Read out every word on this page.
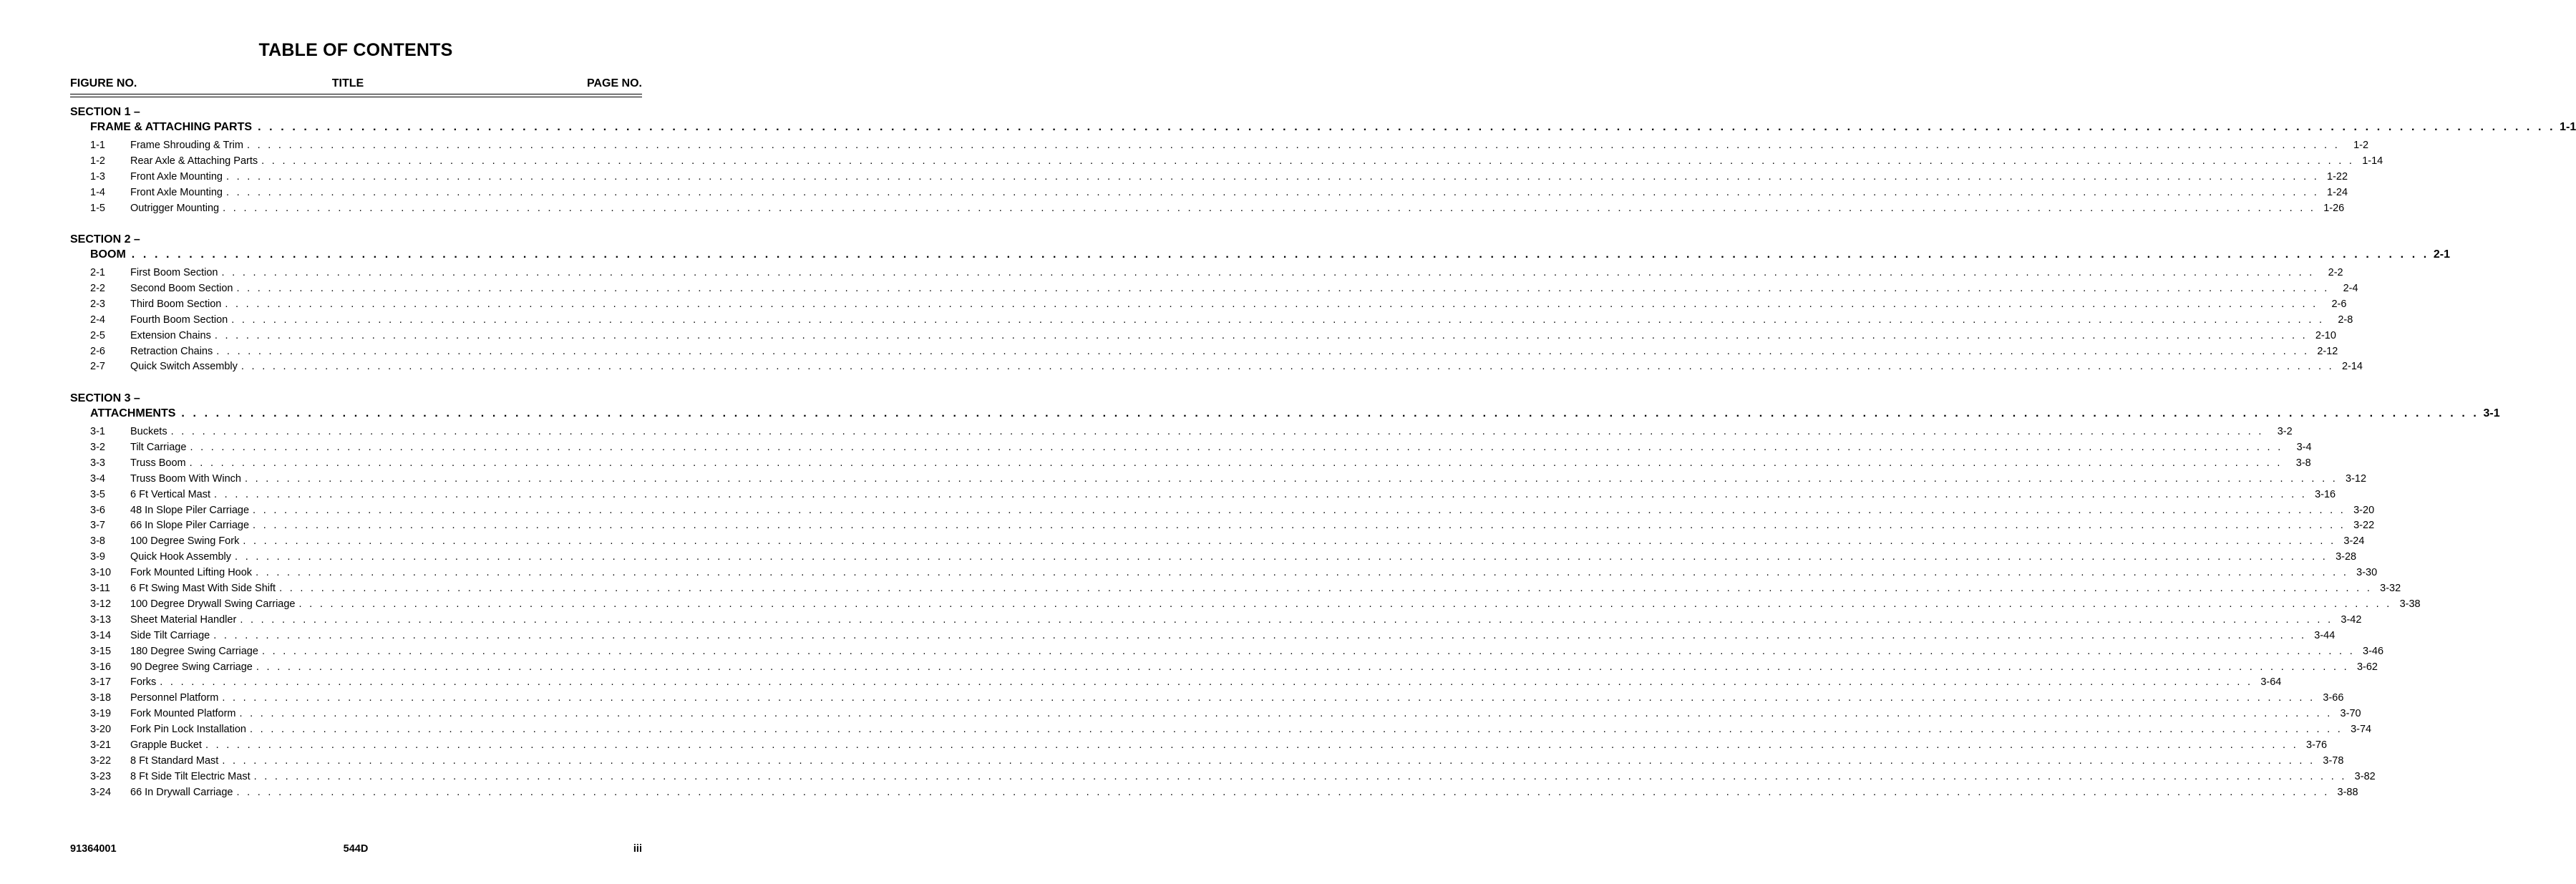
TABLE OF CONTENTS
FIGURE NO.	TITLE	PAGE NO.
SECTION 1 –
FRAME & ATTACHING PARTS . . . . . . . . . . . . . . . . . . . . . . . . . . . . . . . . . . . . . . . . . . . . . . . . . . . . . . . . . . . . . . . . . . . . . . . . . . . . . . . . . . . . . . . . . . . . . . . . . . . . . . . . . . . . . . . . . . . . . . . . . . . . . . . . . . . . . . . . . . . . . . . . . . . . . . . . . . . . . . . . . . . . . . . . . . . . . . . . . . . . . . . . . . . . . . . . . . . . . . . . 1-1
1-1	Frame Shrouding & Trim . . . . . . . . . . . . . . . . . . . . . . . . . . . . . . . . . . . . . . . . . . . . . . . . . . . . . . . . . . . . . . . . . . . . . . . . . . . . . . . . . . . . . . . . . . . . . . . . . . . . . . . . . . . . . . . . . . . . . . . . . . . . . . . . . . . . . . . . . . . . . . . . . . . . . . . . . . . . . . . . . . . . . . . . . . . . . . . . . . . . . . . . . . . . . . . . . . . . . . . .	1-2
1-2	Rear Axle & Attaching Parts . . . . . . . . . . . . . . . . . . . . . . . . . . . . . . . . . . . . . . . . . . . . . . . . . . . . . . . . . . . . . . . . . . . . . . . . . . . . . . . . . . . . . . . . . . . . . . . . . . . . . . . . . . . . . . . . . . . . . . . . . . . . . . . . . . . . . . . . . . . . . . . . . . . . . . . . . . . . . . . . . . . . . . . . . . . . . . . . . . . . . . . . . . . . . . . . . . . . . . . . 1-14
1-3	Front Axle Mounting . . . . . . . . . . . . . . . . . . . . . . . . . . . . . . . . . . . . . . . . . . . . . . . . . . . . . . . . . . . . . . . . . . . . . . . . . . . . . . . . . . . . . . . . . . . . . . . . . . . . . . . . . . . . . . . . . . . . . . . . . . . . . . . . . . . . . . . . . . . . . . . . . . . . . . . . . . . . . . . . . . . . . . . . . . . . . . . . . . . . . . . . . . . . . . . . . . . . . . . . 1-22
1-4	Front Axle Mounting . . . . . . . . . . . . . . . . . . . . . . . . . . . . . . . . . . . . . . . . . . . . . . . . . . . . . . . . . . . . . . . . . . . . . . . . . . . . . . . . . . . . . . . . . . . . . . . . . . . . . . . . . . . . . . . . . . . . . . . . . . . . . . . . . . . . . . . . . . . . . . . . . . . . . . . . . . . . . . . . . . . . . . . . . . . . . . . . . . . . . . . . . . . . . . . . . . . . . . . . 1-24
1-5	Outrigger Mounting . . . . . . . . . . . . . . . . . . . . . . . . . . . . . . . . . . . . . . . . . . . . . . . . . . . . . . . . . . . . . . . . . . . . . . . . . . . . . . . . . . . . . . . . . . . . . . . . . . . . . . . . . . . . . . . . . . . . . . . . . . . . . . . . . . . . . . . . . . . . . . . . . . . . . . . . . . . . . . . . . . . . . . . . . . . . . . . . . . . . . . . . . . . . . . . . . . . . . . . . 1-26
SECTION 2 –
BOOM . . . . . . . . . . . . . . . . . . . . . . . . . . . . . . . . . . . . . . . . . . . . . . . . . . . . . . . . . . . . . . . . . . . . . . . . . . . . . . . . . . . . . . . . . . . . . . . . . . . . . . . . . . . . . . . . . . . . . . . . . . . . . . . . . . . . . . . . . . . . . . . . . . . . . . . . . . . . . . . . . . . . . . . . . . . . . . . . . . . . . . . . . . . . . . . . . . . . . . . . 2-1
2-1	First Boom Section . . . . . . . . . . . . . . . . . . . . . . . . . . . . . . . . . . . . . . . . . . . . . . . . . . . . . . . . . . . . . . . . . . . . . . . . . . . . . . . . . . . . . . . . . . . . . . . . . . . . . . . . . . . . . . . . . . . . . . . . . . . . . . . . . . . . . . . . . . . . . . . . . . . . . . . . . . . . . . . . . . . . . . . . . . . . . . . . . . . . . . . . . . . . . . . . . . . . . . . .	2-2
2-2	Second Boom Section . . . . . . . . . . . . . . . . . . . . . . . . . . . . . . . . . . . . . . . . . . . . . . . . . . . . . . . . . . . . . . . . . . . . . . . . . . . . . . . . . . . . . . . . . . . . . . . . . . . . . . . . . . . . . . . . . . . . . . . . . . . . . . . . . . . . . . . . . . . . . . . . . . . . . . . . . . . . . . . . . . . . . . . . . . . . . . . . . . . . . . . . . . . . . . . . . . . . . . . .	2-4
2-3	Third Boom Section . . . . . . . . . . . . . . . . . . . . . . . . . . . . . . . . . . . . . . . . . . . . . . . . . . . . . . . . . . . . . . . . . . . . . . . . . . . . . . . . . . . . . . . . . . . . . . . . . . . . . . . . . . . . . . . . . . . . . . . . . . . . . . . . . . . . . . . . . . . . . . . . . . . . . . . . . . . . . . . . . . . . . . . . . . . . . . . . . . . . . . . . . . . . . . . . . . . . . . . .	2-6
2-4	Fourth Boom Section . . . . . . . . . . . . . . . . . . . . . . . . . . . . . . . . . . . . . . . . . . . . . . . . . . . . . . . . . . . . . . . . . . . . . . . . . . . . . . . . . . . . . . . . . . . . . . . . . . . . . . . . . . . . . . . . . . . . . . . . . . . . . . . . . . . . . . . . . . . . . . . . . . . . . . . . . . . . . . . . . . . . . . . . . . . . . . . . . . . . . . . . . . . . . . . . . . . . . . . .	2-8
2-5	Extension Chains . . . . . . . . . . . . . . . . . . . . . . . . . . . . . . . . . . . . . . . . . . . . . . . . . . . . . . . . . . . . . . . . . . . . . . . . . . . . . . . . . . . . . . . . . . . . . . . . . . . . . . . . . . . . . . . . . . . . . . . . . . . . . . . . . . . . . . . . . . . . . . . . . . . . . . . . . . . . . . . . . . . . . . . . . . . . . . . . . . . . . . . . . . . . . . . . . . . . . . . . 2-10
2-6	Retraction Chains . . . . . . . . . . . . . . . . . . . . . . . . . . . . . . . . . . . . . . . . . . . . . . . . . . . . . . . . . . . . . . . . . . . . . . . . . . . . . . . . . . . . . . . . . . . . . . . . . . . . . . . . . . . . . . . . . . . . . . . . . . . . . . . . . . . . . . . . . . . . . . . . . . . . . . . . . . . . . . . . . . . . . . . . . . . . . . . . . . . . . . . . . . . . . . . . . . . . . . . . 2-12
2-7	Quick Switch Assembly . . . . . . . . . . . . . . . . . . . . . . . . . . . . . . . . . . . . . . . . . . . . . . . . . . . . . . . . . . . . . . . . . . . . . . . . . . . . . . . . . . . . . . . . . . . . . . . . . . . . . . . . . . . . . . . . . . . . . . . . . . . . . . . . . . . . . . . . . . . . . . . . . . . . . . . . . . . . . . . . . . . . . . . . . . . . . . . . . . . . . . . . . . . . . . . . . . . . . . . . 2-14
SECTION 3 –
ATTACHMENTS . . . . . . . . . . . . . . . . . . . . . . . . . . . . . . . . . . . . . . . . . . . . . . . . . . . . . . . . . . . . . . . . . . . . . . . . . . . . . . . . . . . . . . . . . . . . . . . . . . . . . . . . . . . . . . . . . . . . . . . . . . . . . . . . . . . . . . . . . . . . . . . . . . . . . . . . . . . . . . . . . . . . . . . . . . . . . . . . . . . . . . . . . . . . . . . . . . . . . . . . 3-1
3-1	Buckets . . . . . . . . . . . . . . . . . . . . . . . . . . . . . . . . . . . . . . . . . . . . . . . . . . . . . . . . . . . . . . . . . . . . . . . . . . . . . . . . . . . . . . . . . . . . . . . . . . . . . . . . . . . . . . . . . . . . . . . . . . . . . . . . . . . . . . . . . . . . . . . . . . . . . . . . . . . . . . . . . . . . . . . . . . . . . . . . . . . . . . . . . . . . . . . . . . . . . . . .	3-2
3-2	Tilt Carriage . . . . . . . . . . . . . . . . . . . . . . . . . . . . . . . . . . . . . . . . . . . . . . . . . . . . . . . . . . . . . . . . . . . . . . . . . . . . . . . . . . . . . . . . . . . . . . . . . . . . . . . . . . . . . . . . . . . . . . . . . . . . . . . . . . . . . . . . . . . . . . . . . . . . . . . . . . . . . . . . . . . . . . . . . . . . . . . . . . . . . . . . . . . . . . . . . . . . . . . .	3-4
3-3	Truss Boom . . . . . . . . . . . . . . . . . . . . . . . . . . . . . . . . . . . . . . . . . . . . . . . . . . . . . . . . . . . . . . . . . . . . . . . . . . . . . . . . . . . . . . . . . . . . . . . . . . . . . . . . . . . . . . . . . . . . . . . . . . . . . . . . . . . . . . . . . . . . . . . . . . . . . . . . . . . . . . . . . . . . . . . . . . . . . . . . . . . . . . . . . . . . . . . . . . . . . . . .	3-8
3-4	Truss Boom With Winch . . . . . . . . . . . . . . . . . . . . . . . . . . . . . . . . . . . . . . . . . . . . . . . . . . . . . . . . . . . . . . . . . . . . . . . . . . . . . . . . . . . . . . . . . . . . . . . . . . . . . . . . . . . . . . . . . . . . . . . . . . . . . . . . . . . . . . . . . . . . . . . . . . . . . . . . . . . . . . . . . . . . . . . . . . . . . . . . . . . . . . . . . . . . . . . . . . . . . . . . 3-12
3-5	6 Ft Vertical Mast . . . . . . . . . . . . . . . . . . . . . . . . . . . . . . . . . . . . . . . . . . . . . . . . . . . . . . . . . . . . . . . . . . . . . . . . . . . . . . . . . . . . . . . . . . . . . . . . . . . . . . . . . . . . . . . . . . . . . . . . . . . . . . . . . . . . . . . . . . . . . . . . . . . . . . . . . . . . . . . . . . . . . . . . . . . . . . . . . . . . . . . . . . . . . . . . . . . . . . . . 3-16
3-6	48 In Slope Piler Carriage . . . . . . . . . . . . . . . . . . . . . . . . . . . . . . . . . . . . . . . . . . . . . . . . . . . . . . . . . . . . . . . . . . . . . . . . . . . . . . . . . . . . . . . . . . . . . . . . . . . . . . . . . . . . . . . . . . . . . . . . . . . . . . . . . . . . . . . . . . . . . . . . . . . . . . . . . . . . . . . . . . . . . . . . . . . . . . . . . . . . . . . . . . . . . . . . . . . . . . . . 3-20
3-7	66 In Slope Piler Carriage . . . . . . . . . . . . . . . . . . . . . . . . . . . . . . . . . . . . . . . . . . . . . . . . . . . . . . . . . . . . . . . . . . . . . . . . . . . . . . . . . . . . . . . . . . . . . . . . . . . . . . . . . . . . . . . . . . . . . . . . . . . . . . . . . . . . . . . . . . . . . . . . . . . . . . . . . . . . . . . . . . . . . . . . . . . . . . . . . . . . . . . . . . . . . . . . . . . . . . . . 3-22
3-8	100 Degree Swing Fork . . . . . . . . . . . . . . . . . . . . . . . . . . . . . . . . . . . . . . . . . . . . . . . . . . . . . . . . . . . . . . . . . . . . . . . . . . . . . . . . . . . . . . . . . . . . . . . . . . . . . . . . . . . . . . . . . . . . . . . . . . . . . . . . . . . . . . . . . . . . . . . . . . . . . . . . . . . . . . . . . . . . . . . . . . . . . . . . . . . . . . . . . . . . . . . . . . . . . . . . 3-24
3-9	Quick Hook Assembly . . . . . . . . . . . . . . . . . . . . . . . . . . . . . . . . . . . . . . . . . . . . . . . . . . . . . . . . . . . . . . . . . . . . . . . . . . . . . . . . . . . . . . . . . . . . . . . . . . . . . . . . . . . . . . . . . . . . . . . . . . . . . . . . . . . . . . . . . . . . . . . . . . . . . . . . . . . . . . . . . . . . . . . . . . . . . . . . . . . . . . . . . . . . . . . . . . . . . . . . 3-28
3-10	Fork Mounted Lifting Hook . . . . . . . . . . . . . . . . . . . . . . . . . . . . . . . . . . . . . . . . . . . . . . . . . . . . . . . . . . . . . . . . . . . . . . . . . . . . . . . . . . . . . . . . . . . . . . . . . . . . . . . . . . . . . . . . . . . . . . . . . . . . . . . . . . . . . . . . . . . . . . . . . . . . . . . . . . . . . . . . . . . . . . . . . . . . . . . . . . . . . . . . . . . . . . . . . . . . . . . . 3-30
3-11	6 Ft Swing Mast With Side Shift . . . . . . . . . . . . . . . . . . . . . . . . . . . . . . . . . . . . . . . . . . . . . . . . . . . . . . . . . . . . . . . . . . . . . . . . . . . . . . . . . . . . . . . . . . . . . . . . . . . . . . . . . . . . . . . . . . . . . . . . . . . . . . . . . . . . . . . . . . . . . . . . . . . . . . . . . . . . . . . . . . . . . . . . . . . . . . . . . . . . . . . . . . . . . . . . . . . . . . . . 3-32
3-12	100 Degree Drywall Swing Carriage . . . . . . . . . . . . . . . . . . . . . . . . . . . . . . . . . . . . . . . . . . . . . . . . . . . . . . . . . . . . . . . . . . . . . . . . . . . . . . . . . . . . . . . . . . . . . . . . . . . . . . . . . . . . . . . . . . . . . . . . . . . . . . . . . . . . . . . . . . . . . . . . . . . . . . . . . . . . . . . . . . . . . . . . . . . . . . . . . . . . . . . . . . . . . . . . . . . . . . . . 3-38
3-13	Sheet Material Handler . . . . . . . . . . . . . . . . . . . . . . . . . . . . . . . . . . . . . . . . . . . . . . . . . . . . . . . . . . . . . . . . . . . . . . . . . . . . . . . . . . . . . . . . . . . . . . . . . . . . . . . . . . . . . . . . . . . . . . . . . . . . . . . . . . . . . . . . . . . . . . . . . . . . . . . . . . . . . . . . . . . . . . . . . . . . . . . . . . . . . . . . . . . . . . . . . . . . . . . . 3-42
3-14	Side Tilt Carriage . . . . . . . . . . . . . . . . . . . . . . . . . . . . . . . . . . . . . . . . . . . . . . . . . . . . . . . . . . . . . . . . . . . . . . . . . . . . . . . . . . . . . . . . . . . . . . . . . . . . . . . . . . . . . . . . . . . . . . . . . . . . . . . . . . . . . . . . . . . . . . . . . . . . . . . . . . . . . . . . . . . . . . . . . . . . . . . . . . . . . . . . . . . . . . . . . . . . . . . . 3-44
3-15	180 Degree Swing Carriage . . . . . . . . . . . . . . . . . . . . . . . . . . . . . . . . . . . . . . . . . . . . . . . . . . . . . . . . . . . . . . . . . . . . . . . . . . . . . . . . . . . . . . . . . . . . . . . . . . . . . . . . . . . . . . . . . . . . . . . . . . . . . . . . . . . . . . . . . . . . . . . . . . . . . . . . . . . . . . . . . . . . . . . . . . . . . . . . . . . . . . . . . . . . . . . . . . . . . . . . 3-46
3-16	90 Degree Swing Carriage . . . . . . . . . . . . . . . . . . . . . . . . . . . . . . . . . . . . . . . . . . . . . . . . . . . . . . . . . . . . . . . . . . . . . . . . . . . . . . . . . . . . . . . . . . . . . . . . . . . . . . . . . . . . . . . . . . . . . . . . . . . . . . . . . . . . . . . . . . . . . . . . . . . . . . . . . . . . . . . . . . . . . . . . . . . . . . . . . . . . . . . . . . . . . . . . . . . . . . . . 3-62
3-17	Forks . . . . . . . . . . . . . . . . . . . . . . . . . . . . . . . . . . . . . . . . . . . . . . . . . . . . . . . . . . . . . . . . . . . . . . . . . . . . . . . . . . . . . . . . . . . . . . . . . . . . . . . . . . . . . . . . . . . . . . . . . . . . . . . . . . . . . . . . . . . . . . . . . . . . . . . . . . . . . . . . . . . . . . . . . . . . . . . . . . . . . . . . . . . . . . . . . . . . . . . . 3-64
3-18	Personnel Platform . . . . . . . . . . . . . . . . . . . . . . . . . . . . . . . . . . . . . . . . . . . . . . . . . . . . . . . . . . . . . . . . . . . . . . . . . . . . . . . . . . . . . . . . . . . . . . . . . . . . . . . . . . . . . . . . . . . . . . . . . . . . . . . . . . . . . . . . . . . . . . . . . . . . . . . . . . . . . . . . . . . . . . . . . . . . . . . . . . . . . . . . . . . . . . . . . . . . . . . . 3-66
3-19	Fork Mounted Platform . . . . . . . . . . . . . . . . . . . . . . . . . . . . . . . . . . . . . . . . . . . . . . . . . . . . . . . . . . . . . . . . . . . . . . . . . . . . . . . . . . . . . . . . . . . . . . . . . . . . . . . . . . . . . . . . . . . . . . . . . . . . . . . . . . . . . . . . . . . . . . . . . . . . . . . . . . . . . . . . . . . . . . . . . . . . . . . . . . . . . . . . . . . . . . . . . . . . . . . . 3-70
3-20	Fork Pin Lock Installation . . . . . . . . . . . . . . . . . . . . . . . . . . . . . . . . . . . . . . . . . . . . . . . . . . . . . . . . . . . . . . . . . . . . . . . . . . . . . . . . . . . . . . . . . . . . . . . . . . . . . . . . . . . . . . . . . . . . . . . . . . . . . . . . . . . . . . . . . . . . . . . . . . . . . . . . . . . . . . . . . . . . . . . . . . . . . . . . . . . . . . . . . . . . . . . . . . . . . . . . 3-74
3-21	Grapple Bucket . . . . . . . . . . . . . . . . . . . . . . . . . . . . . . . . . . . . . . . . . . . . . . . . . . . . . . . . . . . . . . . . . . . . . . . . . . . . . . . . . . . . . . . . . . . . . . . . . . . . . . . . . . . . . . . . . . . . . . . . . . . . . . . . . . . . . . . . . . . . . . . . . . . . . . . . . . . . . . . . . . . . . . . . . . . . . . . . . . . . . . . . . . . . . . . . . . . . . . . . 3-76
3-22	8 Ft Standard Mast . . . . . . . . . . . . . . . . . . . . . . . . . . . . . . . . . . . . . . . . . . . . . . . . . . . . . . . . . . . . . . . . . . . . . . . . . . . . . . . . . . . . . . . . . . . . . . . . . . . . . . . . . . . . . . . . . . . . . . . . . . . . . . . . . . . . . . . . . . . . . . . . . . . . . . . . . . . . . . . . . . . . . . . . . . . . . . . . . . . . . . . . . . . . . . . . . . . . . . . . 3-78
3-23	8 Ft Side Tilt Electric Mast . . . . . . . . . . . . . . . . . . . . . . . . . . . . . . . . . . . . . . . . . . . . . . . . . . . . . . . . . . . . . . . . . . . . . . . . . . . . . . . . . . . . . . . . . . . . . . . . . . . . . . . . . . . . . . . . . . . . . . . . . . . . . . . . . . . . . . . . . . . . . . . . . . . . . . . . . . . . . . . . . . . . . . . . . . . . . . . . . . . . . . . . . . . . . . . . . . . . . . . . 3-82
3-24	66 In Drywall Carriage . . . . . . . . . . . . . . . . . . . . . . . . . . . . . . . . . . . . . . . . . . . . . . . . . . . . . . . . . . . . . . . . . . . . . . . . . . . . . . . . . . . . . . . . . . . . . . . . . . . . . . . . . . . . . . . . . . . . . . . . . . . . . . . . . . . . . . . . . . . . . . . . . . . . . . . . . . . . . . . . . . . . . . . . . . . . . . . . . . . . . . . . . . . . . . . . . . . . . . . . 3-88
91364001	544D	iii
